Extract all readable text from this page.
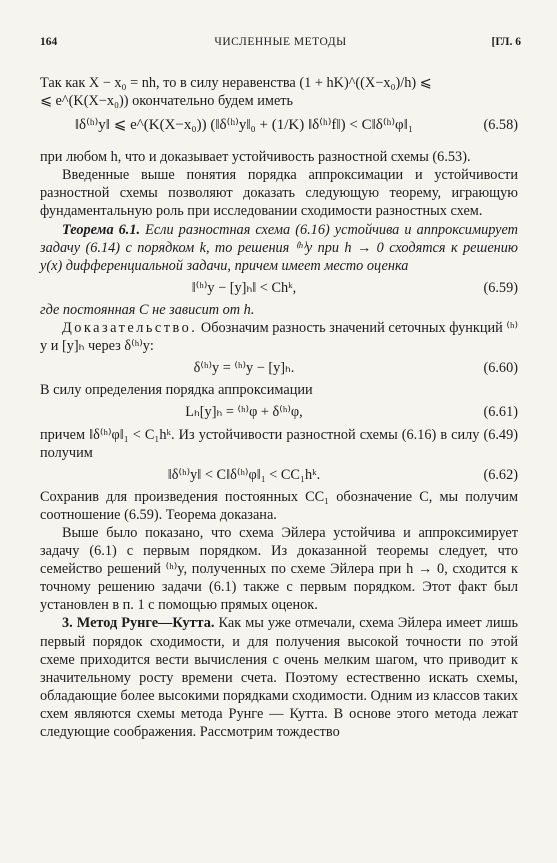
164	ЧИСЛЕННЫЕ МЕТОДЫ	[ГЛ. 6

Так как X − x₀ = nh, то в силу неравенства (1 + hK)^((X−x₀)/h) ⩽

⩽ e^(K(X−x₀)) окончательно будем иметь

‖δ⁽ʰ⁾y‖ ⩽ e^(K(X−x₀)) (‖δ⁽ʰ⁾y‖₀ + (1/K) ‖δ⁽ʰ⁾f‖) < C‖δ⁽ʰ⁾φ‖₁	(6.58)

при любом h, что и доказывает устойчивость разностной схемы (6.53).

Введенные выше понятия порядка аппроксимации и устойчивости разностной схемы позволяют доказать следующую теорему, играющую фундаментальную роль при исследовании сходимости разностных схем.

Теорема 6.1. Если разностная схема (6.16) устойчива и аппроксимирует задачу (6.14) с порядком k, то решения ⁽ʰ⁾y при h → 0 сходятся к решению y(x) дифференциальной задачи, причем имеет место оценка

‖⁽ʰ⁾y − [y]ₕ‖ < Chᵏ,	(6.59)

где постоянная C не зависит от h.

Доказательство. Обозначим разность значений сеточных функций ⁽ʰ⁾y и [y]ₕ через δ⁽ʰ⁾y:

δ⁽ʰ⁾y = ⁽ʰ⁾y − [y]ₕ.	(6.60)

В силу определения порядка аппроксимации

Lₕ[y]ₕ = ⁽ʰ⁾φ + δ⁽ʰ⁾φ,	(6.61)

причем ‖δ⁽ʰ⁾φ‖₁ < C₁hᵏ. Из устойчивости разностной схемы (6.16) в силу (6.49) получим

‖δ⁽ʰ⁾y‖ < C‖δ⁽ʰ⁾φ‖₁ < CC₁hᵏ.	(6.62)

Сохранив для произведения постоянных CC₁ обозначение C, мы получим соотношение (6.59). Теорема доказана.

Выше было показано, что схема Эйлера устойчива и аппроксимирует задачу (6.1) с первым порядком. Из доказанной теоремы следует, что семейство решений ⁽ʰ⁾y, полученных по схеме Эйлера при h → 0, сходится к точному решению задачи (6.1) также с первым порядком. Этот факт был установлен в п. 1 с помощью прямых оценок.

3. Метод Рунге—Кутта. Как мы уже отмечали, схема Эйлера имеет лишь первый порядок сходимости, и для получения высокой точности по этой схеме приходится вести вычисления с очень мелким шагом, что приводит к значительному росту времени счета. Поэтому естественно искать схемы, обладающие более высокими порядками сходимости. Одним из классов таких схем являются схемы метода Рунге — Кутта. В основе этого метода лежат следующие соображения. Рассмотрим тождество
